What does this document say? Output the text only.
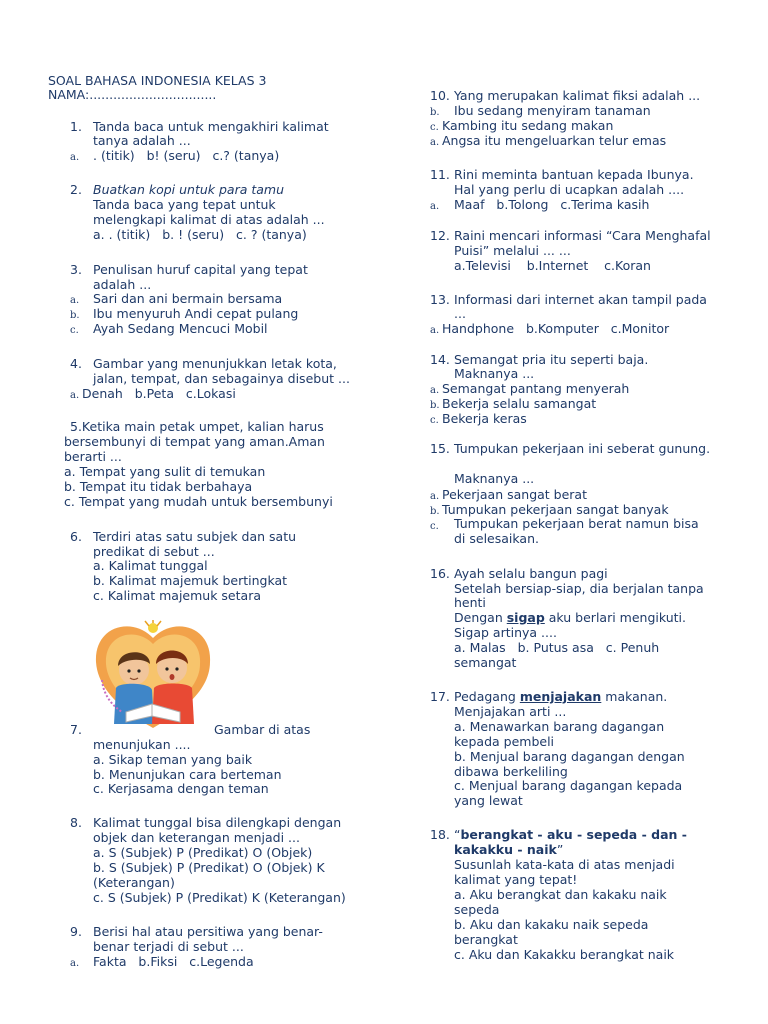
SOAL BAHASA INDONESIA KELAS 3
NAMA:................................
1. Tanda baca untuk mengakhiri kalimat
tanya adalah ...
a. . (titik)   b! (seru)   c.? (tanya)
2. Buatkan kopi untuk para tamu
Tanda baca yang tepat untuk
melengkapi kalimat di atas adalah ...
a. . (titik)   b. ! (seru)   c. ? (tanya)
3. Penulisan huruf capital yang tepat
adalah ...
a. Sari dan ani bermain bersama
b. Ibu menyuruh Andi cepat pulang
c. Ayah Sedang Mencuci Mobil
4. Gambar yang menunjukkan letak kota,
jalan, tempat, dan sebagainya disebut ...
a. Denah   b.Peta   c.Lokasi
5.Ketika main petak umpet, kalian harus
bersembunyi di tempat yang aman.Aman
berarti ...
a. Tempat yang sulit di temukan
b. Tempat itu tidak berbahaya
c. Tempat yang mudah untuk bersembunyi
6. Terdiri atas satu subjek dan satu
predikat di sebut ...
a. Kalimat tunggal
b. Kalimat majemuk bertingkat
c. Kalimat majemuk setara
7.	Gambar di atas
menunjukan ....
a. Sikap teman yang baik
b. Menunjukan cara berteman
c. Kerjasama dengan teman
8. Kalimat tunggal bisa dilengkapi dengan
objek dan keterangan menjadi ...
a. S (Subjek) P (Predikat) O (Objek)
b. S (Subjek) P (Predikat) O (Objek) K
(Keterangan)
c. S (Subjek) P (Predikat) K (Keterangan)
9. Berisi hal atau persitiwa yang benar-
benar terjadi di sebut ...
a. Fakta   b.Fiksi   c.Legenda
10. Yang merupakan kalimat fiksi adalah ...
b. Ibu sedang menyiram tanaman
c. Kambing itu sedang makan
a. Angsa itu mengeluarkan telur emas
11. Rini meminta bantuan kepada Ibunya.
Hal yang perlu di ucapkan adalah ....
a. Maaf   b.Tolong   c.Terima kasih
12. Raini mencari informasi “Cara Menghafal
Puisi” melalui ... ...
a.Televisi    b.Internet    c.Koran
13. Informasi dari internet akan tampil pada
...
a. Handphone   b.Komputer   c.Monitor
14. Semangat pria itu seperti baja.
Maknanya ...
a. Semangat pantang menyerah
b. Bekerja selalu samangat
c. Bekerja keras
15. Tumpukan pekerjaan ini seberat gunung.
Maknanya ...
a. Pekerjaan sangat berat
b. Tumpukan pekerjaan sangat banyak
c. Tumpukan pekerjaan berat namun bisa
di selesaikan.
16. Ayah selalu bangun pagi
Setelah bersiap-siap, dia berjalan tanpa
henti
Dengan sigap aku berlari mengikuti.
Sigap artinya ....
a. Malas   b. Putus asa   c. Penuh
semangat
17. Pedagang menjajakan makanan.
Menjajakan arti ...
a. Menawarkan barang dagangan
kepada pembeli
b. Menjual barang dagangan dengan
dibawa berkeliling
c. Menjual barang dagangan kepada
yang lewat
18. “berangkat - aku - sepeda - dan -
kakakku - naik”
Susunlah kata-kata di atas menjadi
kalimat yang tepat!
a. Aku berangkat dan kakaku naik
sepeda
b. Aku dan kakaku naik sepeda
berangkat
c. Aku dan Kakakku berangkat naik
